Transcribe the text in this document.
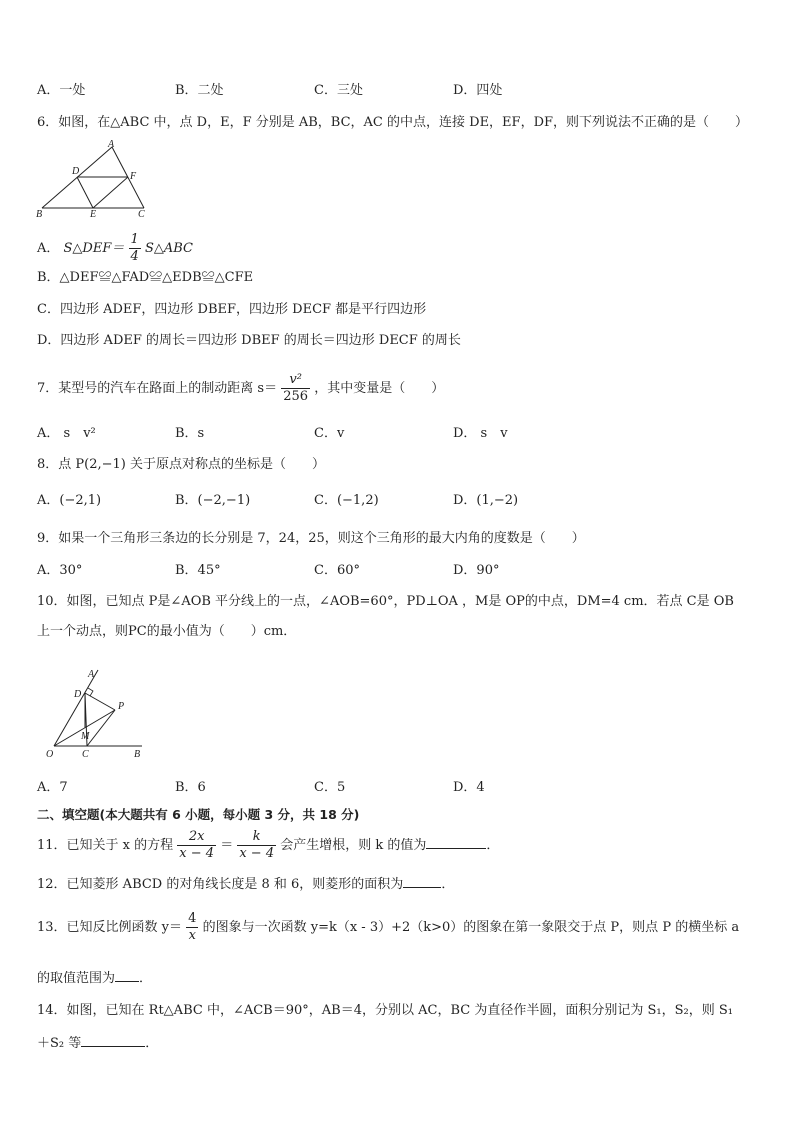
A．一处	B．二处	C．三处	D．四处
6．如图，在△ABC 中，点 D，E，F 分别是 AB，BC，AC 的中点，连接 DE，EF，DF，则下列说法不正确的是（　　）
A
B	C
D
E
F
A． S△DEF＝ $\frac{1}{4}$ S△ABC
B．△DEF≌△FAD≌△EDB≌△CFE
C．四边形 ADEF，四边形 DBEF，四边形 DECF 都是平行四边形
D．四边形 ADEF 的周长＝四边形 DBEF 的周长＝四边形 DECF 的周长
7．某型号的汽车在路面上的制动距离 $s= \frac{\text{v²}}{256}$ ，其中变量是（　　）
A． s　v²	B．s	C．v	D． s　v
8．点 P(2,−1) 关于原点对称点的坐标是（　　）
A．(−2,1)	B．(−2,−1)	C．(−1,2)	D．(1,−2)
9．如果一个三角形三条边的长分别是 7，24，25，则这个三角形的最大内角的度数是（　　）
A．30°	B．45°	C．60°	D．90°
10．如图，已知点 P是∠AOB 平分线上的一点，∠AOB=60°，PD⊥OA ，M是 OP的中点，DM=4 cm．若点 C是 OB
上一个动点，则PC的最小值为（　　）cm．
A
D
P
M
O	C	B
A．7	B．6	C．5	D．4
二、填空题(本大题共有 6 小题，每小题 3 分，共 18 分)
11．已知关于 x 的方程 $\frac{2x}{x - 4} = \frac{k}{x - 4}$ 会产生增根，则 k 的值为	．
12．已知菱形 ABCD 的对角线长度是 8 和 6，则菱形的面积为	．
13．已知反比例函数 $y= \frac{4}{x}$ 的图象与一次函数 y=k（x - 3）+2（k>0）的图象在第一象限交于点 P，则点 P 的横坐标 a
的取值范围为 ．
14．如图，已知在 Rt△ABC 中，∠ACB＝90°，AB＝4，分别以 AC，BC 为直径作半圆，面积分别记为 S₁，S₂，则 S₁
＋S₂ 等	．
